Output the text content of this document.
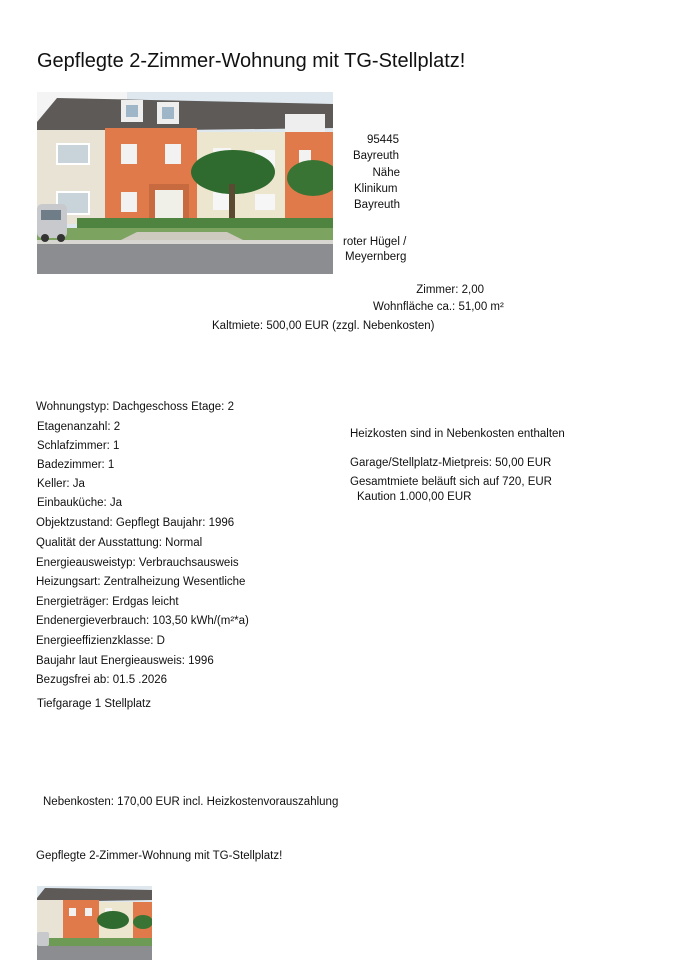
Gepflegte 2-Zimmer-Wohnung mit TG-Stellplatz!
95445
Bayreuth
Nähe
Klinikum
Bayreuth
roter Hügel /
Meyernberg
Zimmer: 2,00
Wohnfläche ca.: 51,00 m²
Kaltmiete: 500,00 EUR (zzgl. Nebenkosten)
Wohnungstyp: Dachgeschoss Etage: 2
Etagenanzahl: 2
Schlafzimmer: 1
Badezimmer: 1
Keller: Ja
Einbauküche: Ja
Objektzustand: Gepflegt Baujahr: 1996
Qualität der Ausstattung: Normal
Energieausweistyp: Verbrauchsausweis
Heizungsart: Zentralheizung Wesentliche
Energieträger: Erdgas leicht
Endenergieverbrauch: 103,50 kWh/(m²*a)
Energieeffizienzklasse: D
Baujahr laut Energieausweis: 1996
Bezugsfrei ab: 01.5 .2026
Tiefgarage 1 Stellplatz
Heizkosten sind in Nebenkosten enthalten
Garage/Stellplatz-Mietpreis: 50,00 EUR
Gesamtmiete beläuft sich auf 720, EUR
Kaution 1.000,00 EUR
Nebenkosten: 170,00 EUR incl. Heizkostenvorauszahlung
Gepflegte 2-Zimmer-Wohnung mit TG-Stellplatz!
